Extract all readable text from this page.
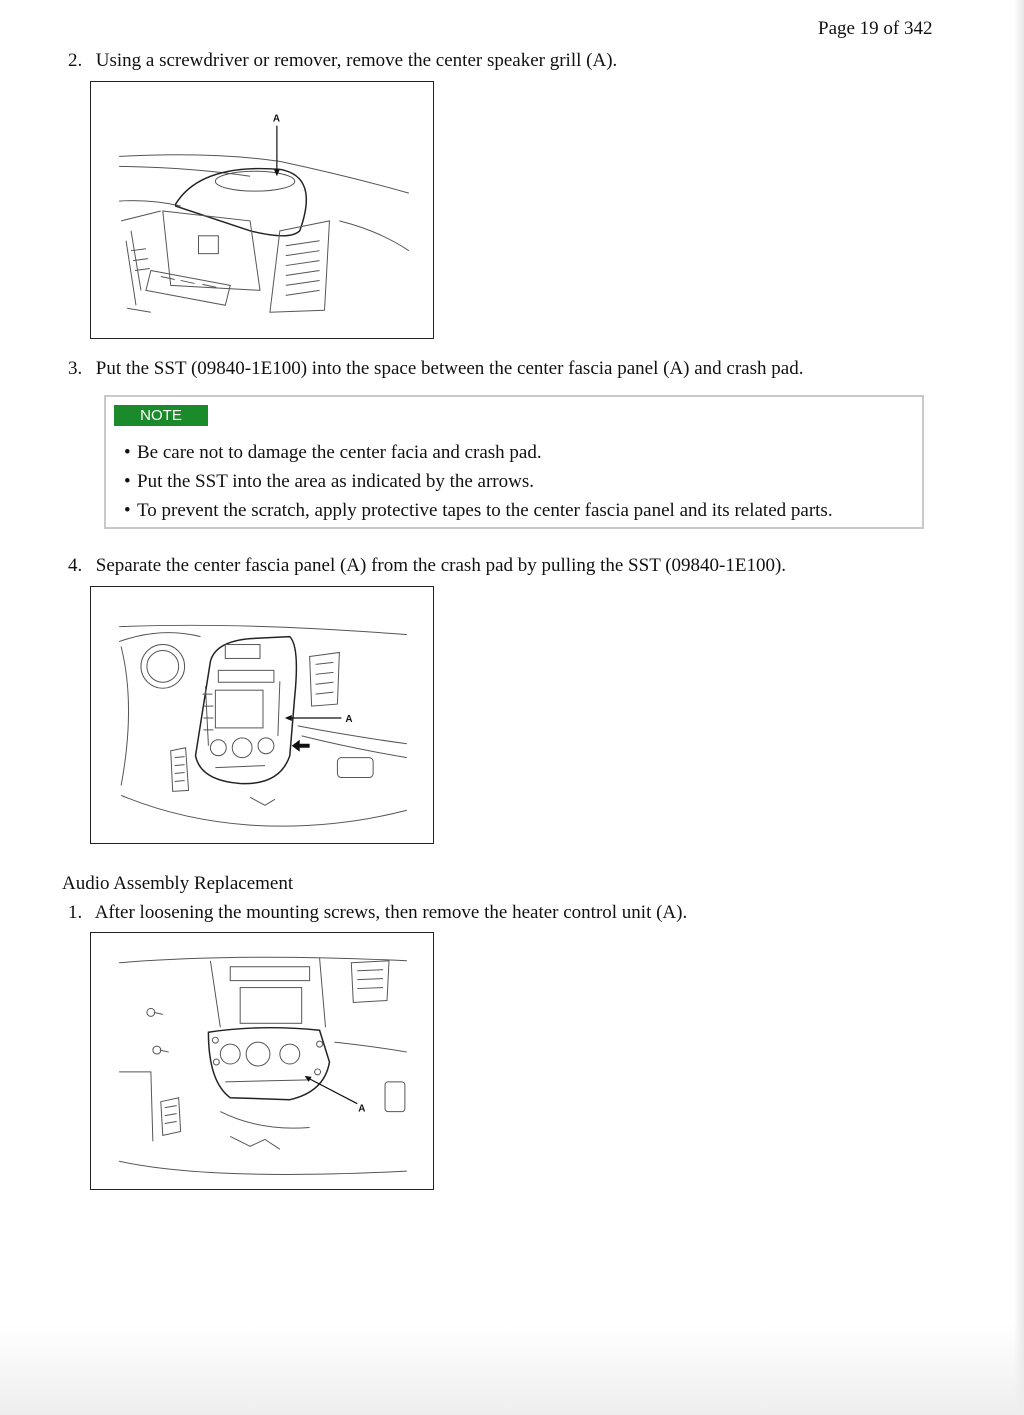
Page 19 of 342
2. Using a screwdriver or remover, remove the center speaker grill (A).
A
3. Put the SST (09840-1E100) into the space between the center fascia panel (A) and crash pad.
NOTE
• Be care not to damage the center facia and crash pad.
• Put the SST into the area as indicated by the arrows.
• To prevent the scratch, apply protective tapes to the center fascia panel and its related parts.
4. Separate the center fascia panel (A) from the crash pad by pulling the SST (09840-1E100).
A
Audio Assembly Replacement
1. After loosening the mounting screws, then remove the heater control unit (A).
A
